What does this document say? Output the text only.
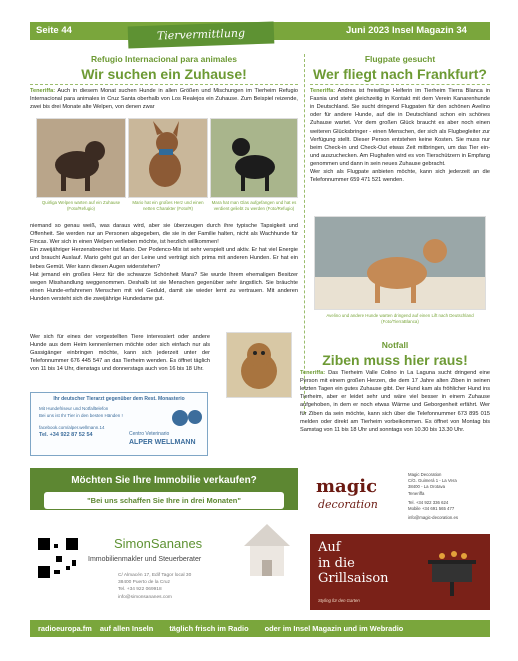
Seite 44	Juni 2023 Insel Magazin 34
Tiervermittlung
Refugio Internacional para animales
Wir suchen ein Zuhause!
Teneriffa: Auch in diesem Monat suchen Hunde in allen Größen und Mischungen im Tierheim Refugio Internacional para animales in Cruz Santa oberhalb von Los Realejos ein Zuhause. Zum Beispiel reizende, zwei bis drei Monate alte Welpen, von denen zwar
Quirliga Welpen warten auf ein Zuhause (Foto/Refugio)
Mario hat ein großes Herz und einen netten Charakter (Foto/R)
Mara hat man Glas aufgefangen und hat es verdient geliebt zu werden (Foto/Refugio)

niemand so genau weiß, was daraus wird, aber sie überzeugen durch ihre typische Tapsigkeit und Offenheit. Sie werden nur an Personen abgegeben, die sie in der Familie halten, nicht als Wachhunde für Fincas. Wer sich in einen Welpen verlieben möchte, ist herzlich willkommen!

Ein zweijähriger Herzensbrecher ist Mario. Der Podenco-Mix ist sehr verspielt und aktiv. Er hat viel Energie und braucht Auslauf. Mario geht gut an der Leine und verträgt sich prima mit anderen Hunden. Er hat ein liebes Gemüt. Wer kann diesen Augen widerstehen?

Hat jemand ein großes Herz für die schwarze Schönheit Mara? Sie wurde Ihrem ehemaligen Besitzer wegen Misshandlung weggenommen. Deshalb ist sie Menschen gegenüber sehr ängstlich. Sie bräuchte einen Hunde-erfahrenen Menschen mit viel Geduld, damit sie wieder lernt zu vertrauen. Mit anderen Hunden versteht sich die zweijährige Hundedame gut.

Wer sich für eines der vorgestellten Tiere interessiert oder andere Hunde aus dem Heim kennenlernen möchte oder sich einfach nur als Gassigänger einbringen möchte, kann sich jederzeit unter der Telefonnummer 676 445 547 an das Tierheim wenden. Es öffnet täglich von 11 bis 14 Uhr, dienstags und donnerstags auch von 16 bis 18 Uhr.

Ihr deutscher Tierarzt gegenüber dem Rest. Monasterio
Mit Hundefriseur und Notfalltelefon
Bei uns ist Ihr Tier in den besten Händen !
facebook.com/alper.wellmann.14
Tel. +34 922 87 52 54	Centro Veterinario
ALPER WELLMANN
Flugpate gesucht
Wer fliegt nach Frankfurt?

Teneriffa: Andrea ist freiwillige Helferin im Tierheim Tierra Blanca in Fasnia und steht gleichzeitig in Kontakt mit dem Verein Kanarenhunde in Deutschland. Sie sucht dringend Flugpaten für den schönen Avelino oder für andere Hunde, auf die in Deutschland schon ein schönes Zuhause wartet. Vor dem großen Glück braucht es aber noch einen weiteren Glücksbringer - einen Menschen, der sich als Flugbegleiter zur Verfügung stellt. Dieser Person entstehen keine Kosten. Sie muss nur beim Check-in und Check-Out etwas Zeit mitbringen, um das Tier ein- und auszuchecken. Am Flughafen wird es von Tierschützern in Empfang genommen und dann in sein neues Zuhause gebracht.

Wer sich als Flugpate anbieten möchte, kann sich jederzeit an die Telefonnummer 659 471 521 wenden.

Avelino und andere Hunde warten dringend auf einen Lift nach Deutschland (Foto/TierraBlanca)
Notfall
Ziben muss hier raus!
Teneriffa: Das Tierheim Valle Colino in La Laguna sucht dringend eine Person mit einem großen Herzen, die dem 17 Jahre alten Ziben in seinen letzten Tagen ein gutes Zuhause gibt. Der Hund kam als fröhlicher Hund ins Tierheim, aber er leidet sehr und wäre viel besser in einem Zuhause aufgehoben, in dem er noch etwas Wärme und Geborgenheit erfährt. Wer für Ziben da sein möchte, kann sich über die Telefonnummer 673 895 015 melden oder direkt am Tierheim vorbeikommen. Es öffnet von Montag bis Samstag von 11 bis 18 Uhr und sonntags von 10.30 bis 13.30 Uhr.
Möchten Sie Ihre Immobilie verkaufen?
"Bei uns schaffen Sie Ihre in drei Monaten"
SimonSananes
Immobilienmakler und Steuerberater
C/ Almacén 17, Edif Tagor local 30
38400 Puerto de la Cruz
Tel. +34 922 069918
info@simonsananes.com
magic
decoration
Magic Decoration
C/G. Guimerá 1 - La Vera
38400 - La Orotava
Teneriffa
Tel. +34 922 336 624
Mobile +34 691 565 477
info@magic-decoration.es
Auf
in die
Grillsaison
Styling für den Garten
radioeuropa.fm auf allen Inseln täglich frisch im Radio oder im Insel Magazin und im Webradio
